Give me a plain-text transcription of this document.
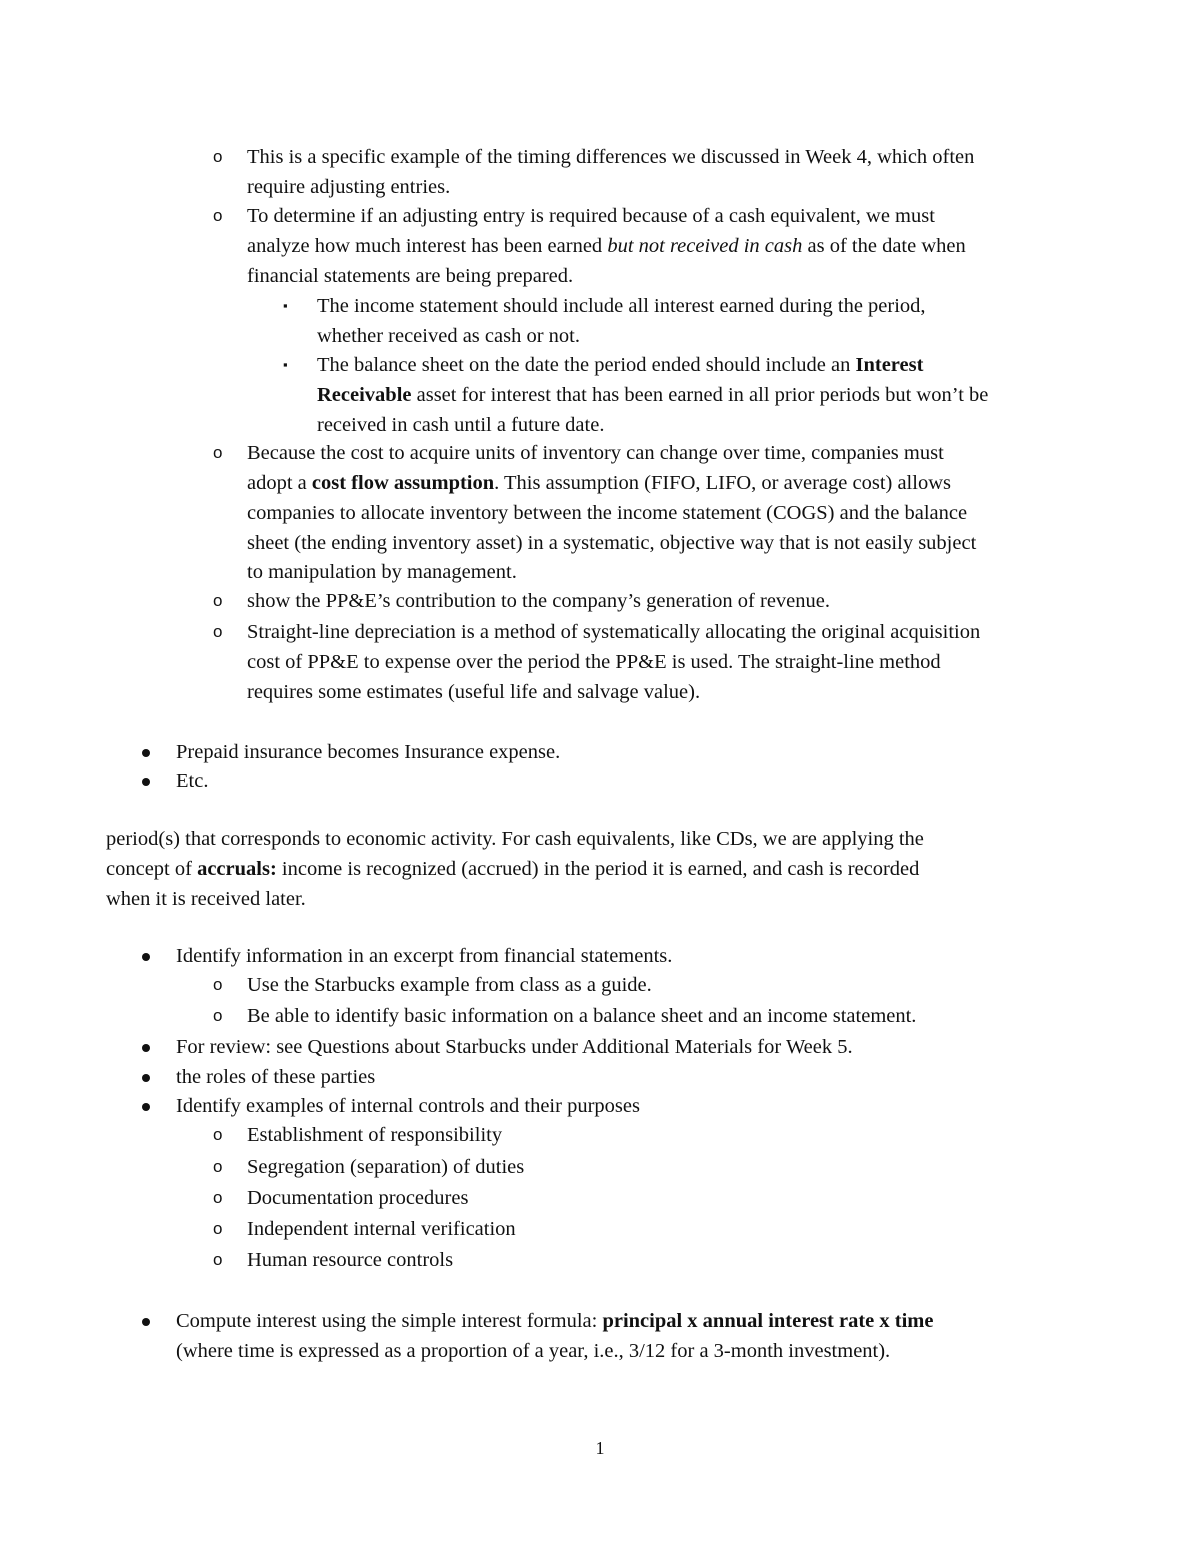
o This is a specific example of the timing differences we discussed in Week 4, which often
require adjusting entries.
o To determine if an adjusting entry is required because of a cash equivalent, we must
analyze how much interest has been earned but not received in cash as of the date when
financial statements are being prepared.
▪ The income statement should include all interest earned during the period,
whether received as cash or not.
▪ The balance sheet on the date the period ended should include an Interest
Receivable asset for interest that has been earned in all prior periods but won’t be
received in cash until a future date.
o Because the cost to acquire units of inventory can change over time, companies must
adopt a cost flow assumption. This assumption (FIFO, LIFO, or average cost) allows
companies to allocate inventory between the income statement (COGS) and the balance
sheet (the ending inventory asset) in a systematic, objective way that is not easily subject
to manipulation by management.
o show the PP&E’s contribution to the company’s generation of revenue.
o Straight-line depreciation is a method of systematically allocating the original acquisition
cost of PP&E to expense over the period the PP&E is used. The straight-line method
requires some estimates (useful life and salvage value).
Prepaid insurance becomes Insurance expense.
Etc.
period(s) that corresponds to economic activity. For cash equivalents, like CDs, we are applying the
concept of accruals: income is recognized (accrued) in the period it is earned, and cash is recorded
when it is received later.
Identify information in an excerpt from financial statements.
o Use the Starbucks example from class as a guide.
o Be able to identify basic information on a balance sheet and an income statement.
For review: see Questions about Starbucks under Additional Materials for Week 5.
the roles of these parties
Identify examples of internal controls and their purposes
o Establishment of responsibility
o Segregation (separation) of duties
o Documentation procedures
o Independent internal verification
o Human resource controls
Compute interest using the simple interest formula: principal x annual interest rate x time
(where time is expressed as a proportion of a year, i.e., 3/12 for a 3-month investment).
1
